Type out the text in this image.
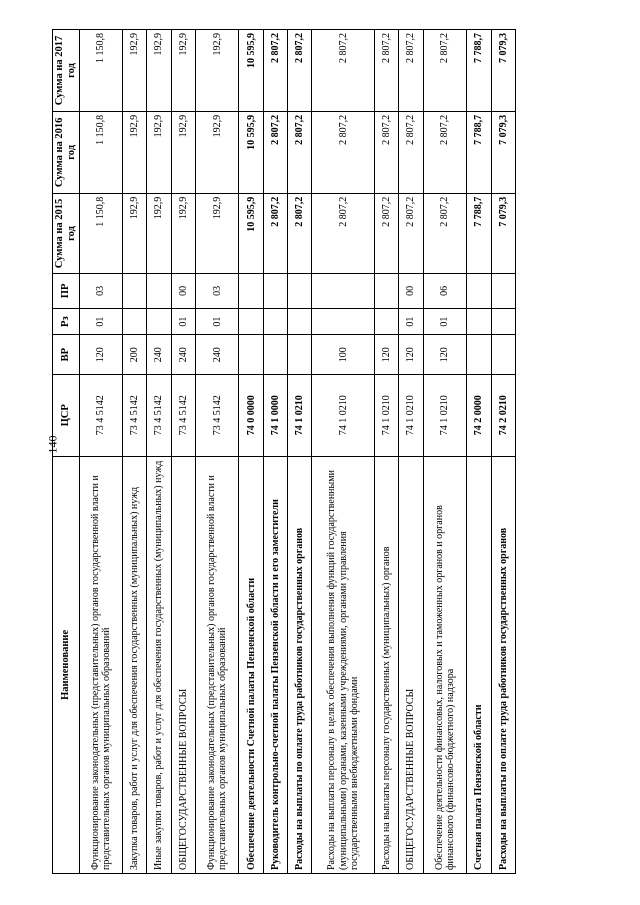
140
Наименование	ЦСР	ВР	Рз	ПР	Сумма на 2015 год	Сумма на 2016 год	Сумма на 2017 год
Функционирование законодательных (представительных) органов государственной власти и представительных органов муниципальных образований	73 4 5142	120	01	03	1 150,8	1 150,8	1 150,8
Закупка товаров, работ и услуг для обеспечения государственных (муниципальных) нужд	73 4 5142	200			192,9	192,9	192,9
Иные закупки товаров, работ и услуг для обеспечения государственных (муниципальных) нужд	73 4 5142	240			192,9	192,9	192,9
ОБЩЕГОСУДАРСТВЕННЫЕ ВОПРОСЫ	73 4 5142	240	01	00	192,9	192,9	192,9
Функционирование законодательных (представительных) органов государственной власти и представительных органов муниципальных образований	73 4 5142	240	01	03	192,9	192,9	192,9
Обеспечение деятельности Счетной палаты Пензенской области	74 0 0000				10 595,9	10 595,9	10 595,9
Руководитель контрольно-счетной палаты Пензенской области и его заместители	74 1 0000				2 807,2	2 807,2	2 807,2
Расходы на выплаты по оплате труда работников государственных органов	74 1 0210				2 807,2	2 807,2	2 807,2
Расходы на выплаты персоналу в целях обеспечения выполнения функций государственными (муниципальными) органами, казенными учреждениями, органами управления государственными внебюджетными фондами	74 1 0210	100			2 807,2	2 807,2	2 807,2
Расходы на выплаты персоналу государственных (муниципальных) органов	74 1 0210	120			2 807,2	2 807,2	2 807,2
ОБЩЕГОСУДАРСТВЕННЫЕ ВОПРОСЫ	74 1 0210	120	01	00	2 807,2	2 807,2	2 807,2
Обеспечение деятельности финансовых, налоговых и таможенных органов и органов финансового (финансово-бюджетного) надзора	74 1 0210	120	01	06	2 807,2	2 807,2	2 807,2
Счетная палата Пензенской области	74 2 0000				7 788,7	7 788,7	7 788,7
Расходы на выплаты по оплате труда работников государственных органов	74 2 0210				7 079,3	7 079,3	7 079,3
